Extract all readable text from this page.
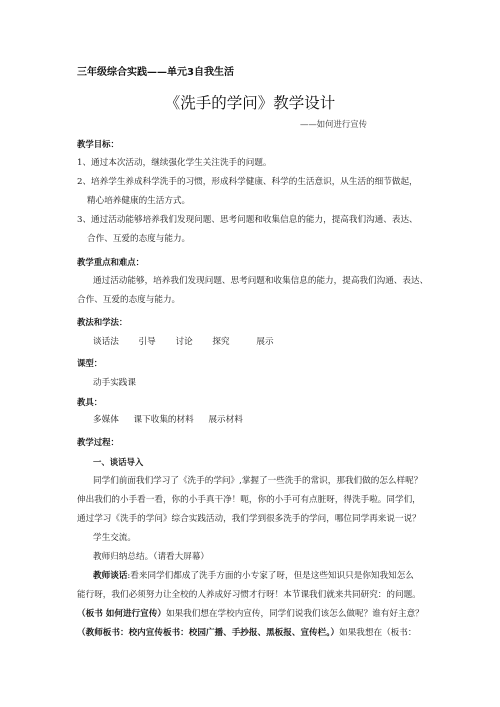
三年级综合实践——单元3自我生活
《洗手的学问》教学设计
——如何进行宣传
教学目标：
1、通过本次活动，继续强化学生关注洗手的问题。
2、培养学生养成科学洗手的习惯，形成科学健康、科学的生活意识，从生活的细节做起，
精心培养健康的生活方式。
3、通过活动能够培养我们发现问题、思考问题和收集信息的能力，提高我们沟通、表达、
合作、互爱的态度与能力。
教学重点和难点：
通过活动能够，培养我们发现问题、思考问题和收集信息的能力，提高我们沟通、表达、
合作、互爱的态度与能力。
教法和学法：
谈话法 引导 讨论 探究	展示
课型：
动手实践课
教具：
多媒体 课下收集的材料 展示材料
教学过程：
一、谈话导入
同学们前面我们学习了《洗手的学问》,掌握了一些洗手的常识，那我们做的怎么样呢？
伸出我们的小手看一看，你的小手真干净！呃，你的小手可有点脏呀，得洗手啦。同学们，
通过学习《洗手的学问》综合实践活动，我们学到很多洗手的学问，哪位同学再来说一说？
学生交流。
教师归纳总结。（请看大屏幕）
教师谈话:看来同学们都成了洗手方面的小专家了呀，但是这些知识只是你知我知怎么
能行呀，我们必须努力让全校的人养成好习惯才行呀！本节课我们就来共同研究：的问题。
（板书 如何进行宣传）如果我们想在学校内宣传，同学们说我们该怎么做呢？谁有好主意？
（教师板书：校内宣传板书：校园广播、手抄报、黑板报、宣传栏。）如果我想在（板书：
